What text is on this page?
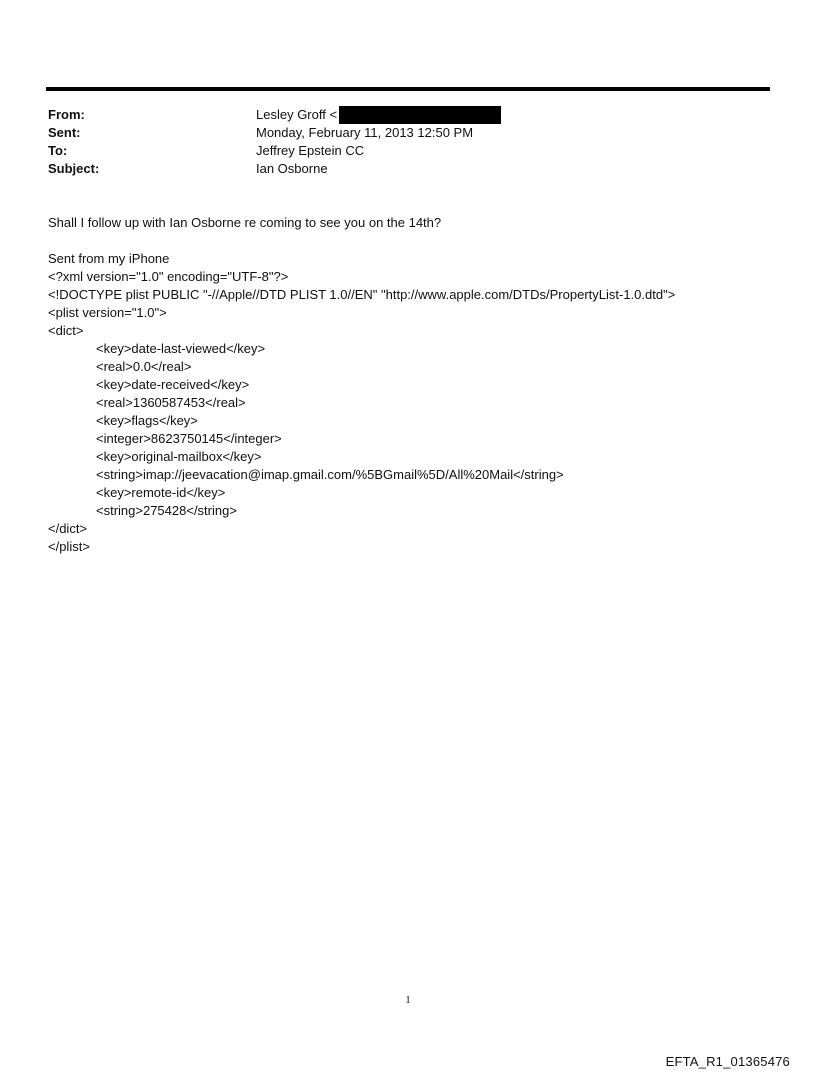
From:	Lesley Groff <
Sent:	Monday, February 11, 2013 12:50 PM
To:	Jeffrey Epstein CC
Subject:	Ian Osborne
Shall I follow up with Ian Osborne re coming to see you on the 14th?
Sent from my iPhone
<?xml version="1.0" encoding="UTF-8"?>
<!DOCTYPE plist PUBLIC "-//Apple//DTD PLIST 1.0//EN" "http://www.apple.com/DTDs/PropertyList-1.0.dtd">
<plist version="1.0">
<dict>
<key>date-last-viewed</key>
<real>0.0</real>
<key>date-received</key>
<real>1360587453</real>
<key>flags</key>
<integer>8623750145</integer>
<key>original-mailbox</key>
<string>imap://jeevacation@imap.gmail.com/%5BGmail%5D/All%20Mail</string>
<key>remote-id</key>
<string>275428</string>
</dict>
</plist>
1
EFTA_R1_01365476
